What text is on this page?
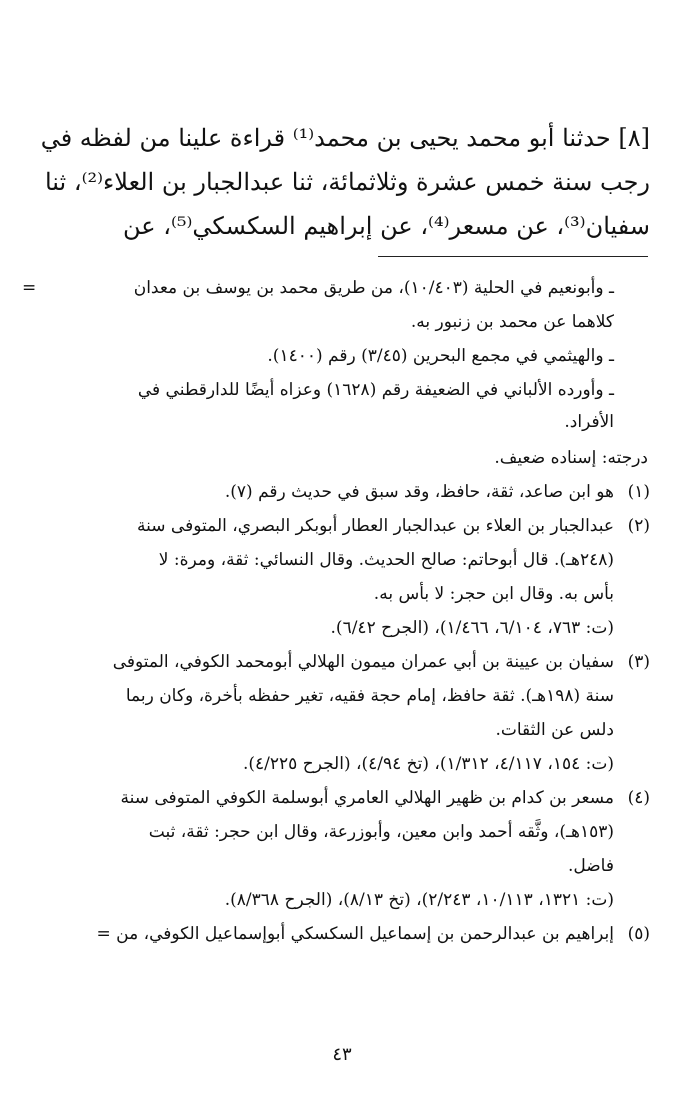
[٨] حدثنا أبو محمد يحيى بن محمد⁽¹⁾ قراءة علينا من لفظه في
رجب سنة خمس عشرة وثلاثمائة، ثنا عبدالجبار بن العلاء⁽²⁾، ثنا
سفيان⁽³⁾، عن مسعر⁽⁴⁾، عن إبراهيم السكسكي⁽⁵⁾، عن
=	ـ وأبونعيم في الحلية (١٠/٤٠٣)، من طريق محمد بن يوسف بن معدان
كلاهما عن محمد بن زنبور به.
ـ والهيثمي في مجمع البحرين (٣/٤٥) رقم (١٤٠٠).
ـ وأورده الألباني في الضعيفة رقم (١٦٢٨) وعزاه أيضًا للدارقطني في
الأفراد.
درجته: إسناده ضعيف.
(١)
هو ابن صاعد، ثقة، حافظ، وقد سبق في حديث رقم (٧).
(٢)
عبدالجبار بن العلاء بن عبدالجبار العطار أبوبكر البصري، المتوفى سنة
(٢٤٨هـ). قال أبوحاتم: صالح الحديث. وقال النسائي: ثقة، ومرة: لا
بأس به. وقال ابن حجر: لا بأس به.
(ت: ٧٦٣، ٦/١٠٤، ١/٤٦٦)، (الجرح ٦/٤٢).
(٣)
سفيان بن عيينة بن أبي عمران ميمون الهلالي أبومحمد الكوفي، المتوفى
سنة (١٩٨هـ). ثقة حافظ، إمام حجة فقيه، تغير حفظه بأخرة، وكان ربما
دلس عن الثقات.
(ت: ١٥٤، ٤/١١٧، ١/٣١٢)، (تخ ٤/٩٤)، (الجرح ٤/٢٢٥).
(٤)
مسعر بن كدام بن ظهير الهلالي العامري أبوسلمة الكوفي المتوفى سنة
(١٥٣هـ)، وثَّقه أحمد وابن معين، وأبوزرعة، وقال ابن حجر: ثقة، ثبت
فاضل.
(ت: ١٣٢١، ١٠/١١٣، ٢/٢٤٣)، (تخ ٨/١٣)، (الجرح ٨/٣٦٨).
(٥)
إبراهيم بن عبدالرحمن بن إسماعيل السكسكي أبوإسماعيل الكوفي، من =
٤٣
